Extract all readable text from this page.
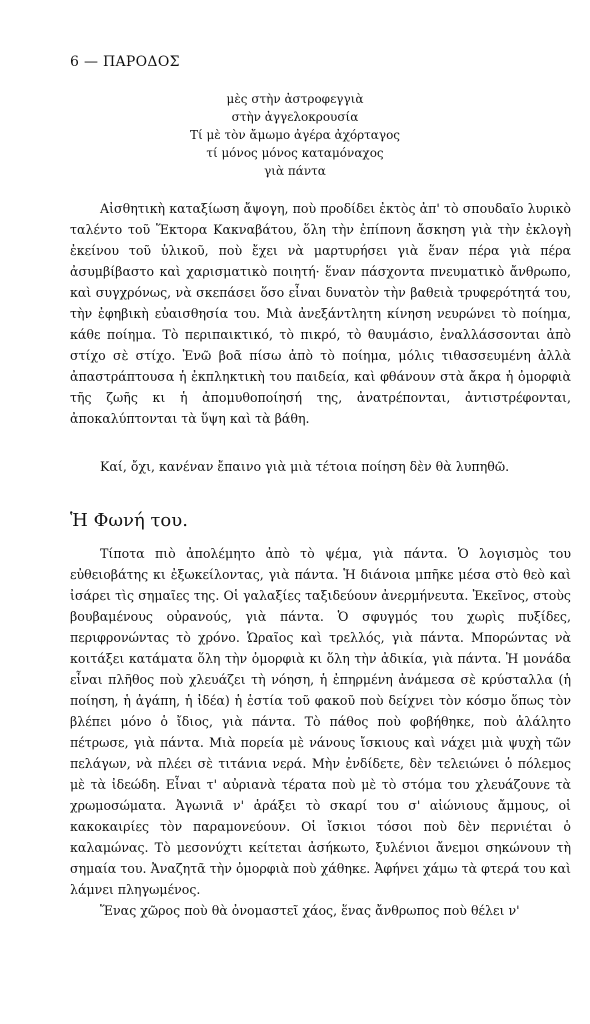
6 — ΠΑΡΟΔΟΣ
μὲς στὴν ἀστροφεγγιὰ
στὴν ἀγγελοκρουσία
Τί μὲ τὸν ἄμωμο ἀγέρα ἀχόρταγος
τί μόνος μόνος καταμόναχος
γιὰ πάντα

Αἰσθητικὴ καταξίωση ἄψογη, ποὺ προδίδει ἐκτὸς ἀπ' τὸ σπουδαῖο λυρικὸ ταλέντο τοῦ Ἕκτορα Κακναβάτου, ὅλη τὴν ἐπίπονη ἄσκηση γιὰ τὴν ἐκλογὴ ἐκείνου τοῦ ὑλικοῦ, ποὺ ἔχει νὰ μαρτυρήσει γιὰ ἕναν πέρα γιὰ πέρα ἀσυμβίβαστο καὶ χαρισματικὸ ποιητή· ἕναν πάσχοντα πνευματικὸ ἄνθρωπο, καὶ συγχρόνως, νὰ σκεπάσει ὅσο εἶναι δυνατὸν τὴν βαθειὰ τρυφερότητά του, τὴν ἐφηβικὴ εὐαισθησία του. Μιὰ ἀνεξάντλητη κίνηση νευρώνει τὸ ποίημα, κάθε ποίημα. Τὸ περιπαικτικό, τὸ πικρό, τὸ θαυμάσιο, ἐναλλάσσονται ἀπὸ στίχο σὲ στίχο. Ἐνῶ βοᾶ πίσω ἀπὸ τὸ ποίημα, μόλις τιθασσευμένη ἀλλὰ ἀπαστράπτουσα ἡ ἐκπληκτικὴ του παιδεία, καὶ φθάνουν στὰ ἄκρα ἡ ὀμορφιὰ τῆς ζωῆς κι ἡ ἀπομυθοποίησή της, ἀνατρέπονται, ἀντιστρέφονται, ἀποκαλύπτονται τὰ ὕψη καὶ τὰ βάθη.

Καί, ὄχι, κανέναν ἔπαινο γιὰ μιὰ τέτοια ποίηση δὲν θὰ λυπηθῶ.

Ἡ Φωνή του.

Τίποτα πιὸ ἀπολέμητο ἀπὸ τὸ ψέμα, γιὰ πάντα. Ὁ λογισμὸς του εὐθειοβάτης κι ἐξωκείλοντας, γιὰ πάντα. Ἡ διάνοια μπῆκε μέσα στὸ θεὸ καὶ ἰσάρει τὶς σημαῖες της. Οἱ γαλαξίες ταξιδεύουν ἀνερμήνευτα. Ἐκεῖνος, στοὺς βουβαμένους οὐρανούς, γιὰ πάντα. Ὁ σφυγμός του χωρὶς πυξίδες, περιφρονώντας τὸ χρόνο. Ὡραῖος καὶ τρελλός, γιὰ πάντα. Μπορώντας νὰ κοιτάξει κατάματα ὅλη τὴν ὀμορφιὰ κι ὅλη τὴν ἀδικία, γιὰ πάντα. Ἡ μονάδα εἶναι πλῆθος ποὺ χλευάζει τὴ νόηση, ἡ ἐπηρμένη ἀνάμεσα σὲ κρύσταλλα (ἡ ποίηση, ἡ ἀγάπη, ἡ ἰδέα) ἡ ἑστία τοῦ φακοῦ ποὺ δείχνει τὸν κόσμο ὅπως τὸν βλέπει μόνο ὁ ἴδιος, γιὰ πάντα. Τὸ πάθος ποὺ φοβήθηκε, ποὺ ἀλάλητο πέτρωσε, γιὰ πάντα. Μιὰ πορεία μὲ νάνους ἴσκιους καὶ νάχει μιὰ ψυχὴ τῶν πελάγων, νὰ πλέει σὲ τιτάνια νερά. Μὴν ἐνδίδετε, δὲν τελειώνει ὁ πόλεμος μὲ τὰ ἰδεώδη. Εἶναι τ' αὐριανὰ τέρατα ποὺ μὲ τὸ στόμα του χλευάζουνε τὰ χρωμοσώματα. Ἀγωνιᾶ ν' ἁράξει τὸ σκαρί του σ' αἰώνιους ἄμμους, οἱ κακοκαιρίες τὸν παραμονεύουν. Οἱ ἴσκιοι τόσοι ποὺ δὲν περνιέται ὁ καλαμώνας. Τὸ μεσονύχτι κείτεται ἀσήκωτο, ξυλένιοι ἄνεμοι σηκώνουν τὴ σημαία του. Ἀναζητᾶ τὴν ὀμορφιὰ ποὺ χάθηκε. Ἀφήνει χάμω τὰ φτερά του καὶ λάμνει πληγωμένος.

Ἕνας χῶρος ποὺ θὰ ὀνομαστεῖ χάος, ἕνας ἄνθρωπος ποὺ θέλει ν'
